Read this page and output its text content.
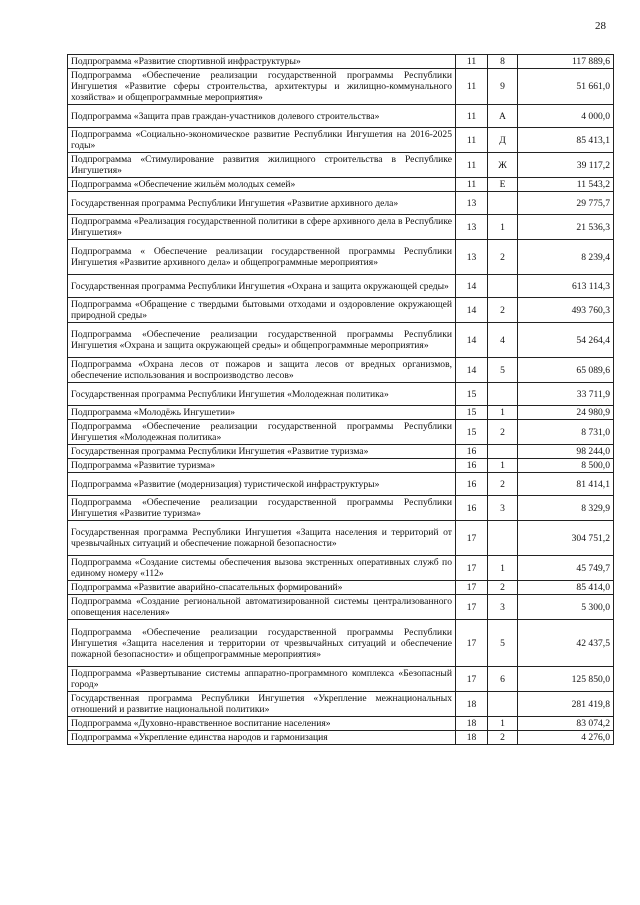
28
Подпрограмма «Развитие спортивной инфраструктуры»	11	8	117 889,6
Подпрограмма «Обеспечение реализации государственной программы Республики Ингушетия «Развитие сферы строительства, архитектуры и жилищно-коммунального хозяйства» и общепрограммные мероприятия»	11	9	51 661,0
Подпрограмма «Защита прав граждан-участников долевого строительства»	11	А	4 000,0
Подпрограмма «Социально-экономическое развитие Республики Ингушетия на 2016-2025 годы»	11	Д	85 413,1
Подпрограмма «Стимулирование развития жилищного строительства в Республике Ингушетия»	11	Ж	39 117,2
Подпрограмма «Обеспечение жильём молодых семей»	11	Е	11 543,2
Государственная программа Республики Ингушетия «Развитие архивного дела»	13		29 775,7
Подпрограмма «Реализация государственной политики в сфере архивного дела в Республике Ингушетия»	13	1	21 536,3
Подпрограмма « Обеспечение реализации государственной программы Республики Ингушетия «Развитие архивного дела» и общепрограммные мероприятия»	13	2	8 239,4
Государственная программа Республики Ингушетия «Охрана и защита окружающей среды»	14		613 114,3
Подпрограмма «Обращение с твердыми бытовыми отходами и оздоровление окружающей природной среды»	14	2	493 760,3
Подпрограмма «Обеспечение реализации государственной программы Республики Ингушетия «Охрана и защита окружающей среды» и общепрограммные мероприятия»	14	4	54 264,4
Подпрограмма «Охрана лесов от пожаров и защита лесов от вредных организмов, обеспечение использования и воспроизводство лесов»	14	5	65 089,6
Государственная программа Республики Ингушетия «Молодежная политика»	15		33 711,9
Подпрограмма «Молодёжь Ингушетии»	15	1	24 980,9
Подпрограмма «Обеспечение реализации государственной программы Республики Ингушетия «Молодежная политика»	15	2	8 731,0
Государственная программа Республики Ингушетия «Развитие туризма»	16		98 244,0
Подпрограмма «Развитие туризма»	16	1	8 500,0
Подпрограмма «Развитие (модернизация) туристической инфраструктуры»	16	2	81 414,1
Подпрограмма «Обеспечение реализации государственной программы Республики Ингушетия «Развитие туризма»	16	3	8 329,9
Государственная программа Республики Ингушетия «Защита населения и территорий от чрезвычайных ситуаций и обеспечение пожарной безопасности»	17		304 751,2
Подпрограмма «Создание системы обеспечения вызова экстренных оперативных служб по единому номеру «112»	17	1	45 749,7
Подпрограмма «Развитие аварийно-спасательных формирований»	17	2	85 414,0
Подпрограмма «Создание региональной автоматизированной системы централизованного оповещения населения»	17	3	5 300,0
Подпрограмма «Обеспечение реализации государственной программы Республики Ингушетия «Защита населения и территории от чрезвычайных ситуаций и обеспечение пожарной безопасности» и общепрограммные мероприятия»	17	5	42 437,5
Подпрограмма «Развертывание системы аппаратно-программного комплекса «Безопасный город»	17	6	125 850,0
Государственная программа Республики Ингушетия «Укрепление межнациональных отношений и развитие национальной политики»	18		281 419,8
Подпрограмма «Духовно-нравственное воспитание населения»	18	1	83 074,2
Подпрограмма «Укрепление единства народов и гармонизация	18	2	4 276,0
